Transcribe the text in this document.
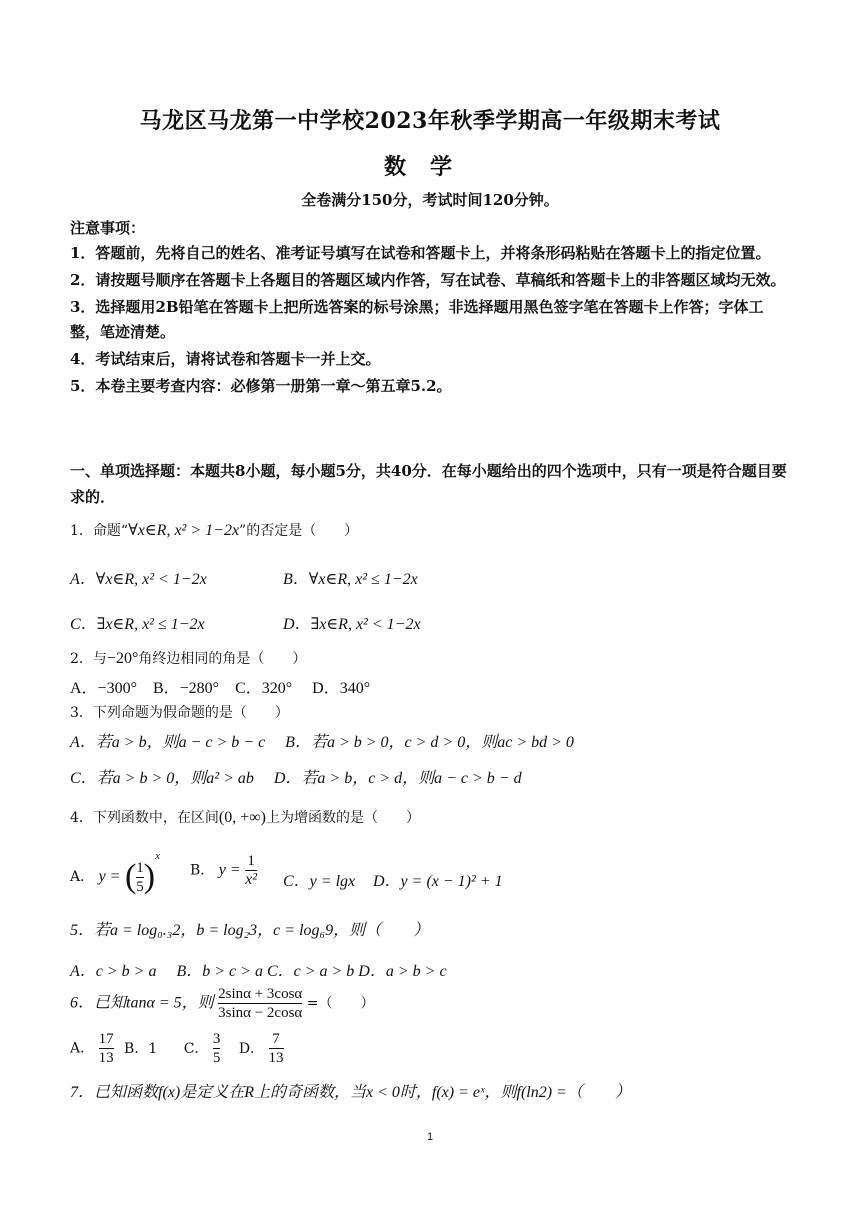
马龙区马龙第一中学校2023年秋季学期高一年级期末考试
数学
全卷满分150分，考试时间120分钟。
注意事项：

1．答题前，先将自己的姓名、准考证号填写在试卷和答题卡上，并将条形码粘贴在答题卡上的指定位置。

2．请按题号顺序在答题卡上各题目的答题区域内作答，写在试卷、草稿纸和答题卡上的非答题区域均无效。

3．选择题用2B铅笔在答题卡上把所选答案的标号涂黑；非选择题用黑色签字笔在答题卡上作答；字体工整，笔迹清楚。

4．考试结束后，请将试卷和答题卡一并上交。

5．本卷主要考查内容：必修第一册第一章～第五章5.2。

一、单项选择题：本题共8小题，每小题5分，共40分．在每小题给出的四个选项中，只有一项是符合题目要求的．
1．命题“∀x∈R, x² > 1−2x”的否定是（　　）
A．∀x∈R, x² < 1−2x	B．∀x∈R, x² ≤ 1−2x
C．∃x∈R, x² ≤ 1−2x	D．∃x∈R, x² < 1−2x
2．与−20°角终边相同的角是（　　）
A．−300°　B．−280°　C．320°　 D．340°
3．下列命题为假命题的是（　　）
A．若a > b，则a − c > b − c　 B．若a > b > 0，c > d > 0，则ac > bd > 0
C．若a > b > 0，则a² > ab　 D．若a > b，c > d，则a − c > b − d
4．下列函数中，在区间(0, +∞)上为增函数的是（　　）
A． y = ( $\frac{1}{5} )^x$
B． $y = \frac{1}{\text{x²}}$ C．y = lgx D．y = (x − 1)² + 1
5．若a = log₀.₃2，b = log₂3，c = log₆9，则（　　）
A．c > b > a　 B．b > c > a C．c > a > b D．a > b > c
6．已知tanα = 5，则 $\frac{2\sin\alpha + 3\cos\alpha}{3\sin\alpha - 2\cos\alpha}$ =（　　）
A． $\frac{17}{13}$ B．1 C． $\frac{3}{5}$ D． $\frac{7}{13}$
7．已知函数f(x)是定义在R上的奇函数，当x < 0时，f(x) = eˣ，则f(ln2) =（　　）
1
